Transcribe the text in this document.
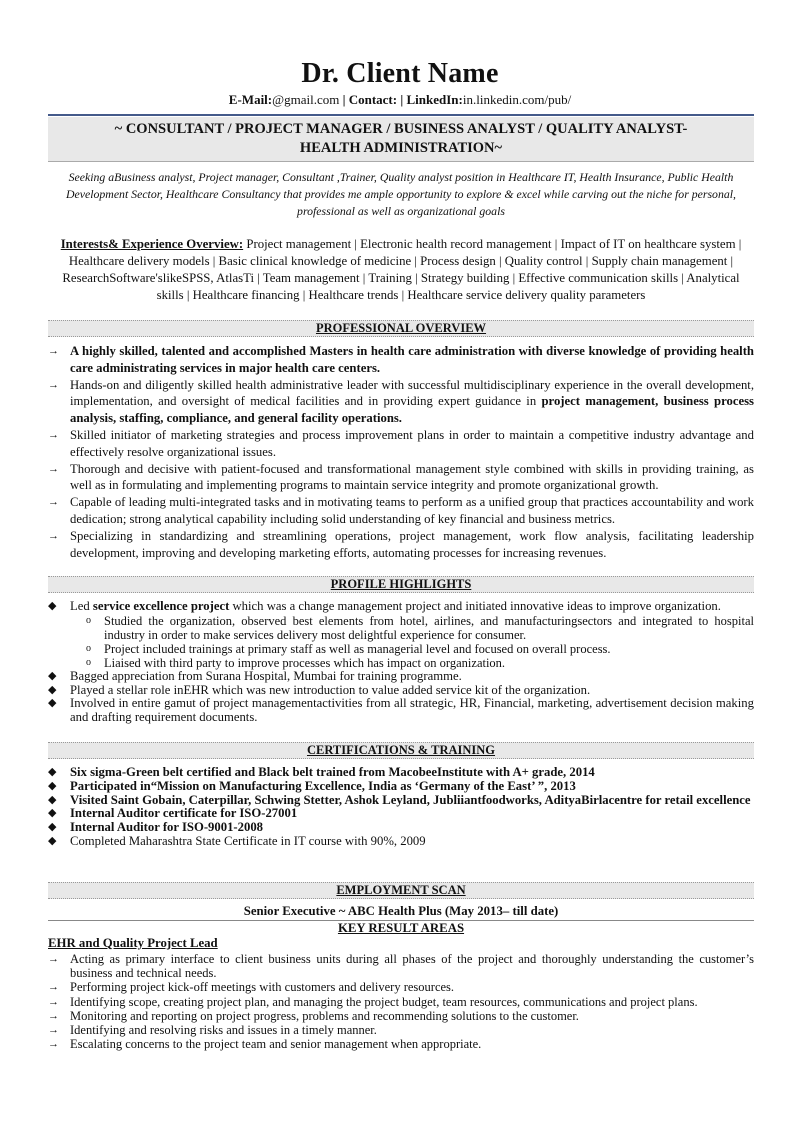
Dr. Client Name
E-Mail:@gmail.com | Contact: | LinkedIn:in.linkedin.com/pub/
~ CONSULTANT / PROJECT MANAGER / BUSINESS ANALYST / QUALITY ANALYST-
HEALTH ADMINISTRATION~
Seeking aBusiness analyst, Project manager, Consultant ,Trainer, Quality analyst position in Healthcare IT, Health Insurance, Public Health Development Sector, Healthcare Consultancy that provides me ample opportunity to explore & excel while carving out the niche for personal, professional as well as organizational goals
Interests& Experience Overview: Project management | Electronic health record management | Impact of IT on healthcare system | Healthcare delivery models | Basic clinical knowledge of medicine | Process design | Quality control | Supply chain management | ResearchSoftware'slikeSPSS, AtlasTi | Team management | Training | Strategy building | Effective communication skills | Analytical skills | Healthcare financing | Healthcare trends | Healthcare service delivery quality parameters
PROFESSIONAL OVERVIEW
→ A highly skilled, talented and accomplished Masters in health care administration with diverse knowledge of providing health care administrating services in major health care centers.
→ Hands-on and diligently skilled health administrative leader with successful multidisciplinary experience in the overall development, implementation, and oversight of medical facilities and in providing expert guidance in project management, business process analysis, staffing, compliance, and general facility operations.
→ Skilled initiator of marketing strategies and process improvement plans in order to maintain a competitive industry advantage and effectively resolve organizational issues.
→ Thorough and decisive with patient-focused and transformational management style combined with skills in providing training, as well as in formulating and implementing programs to maintain service integrity and promote organizational growth.
→ Capable of leading multi-integrated tasks and in motivating teams to perform as a unified group that practices accountability and work dedication; strong analytical capability including solid understanding of key financial and business metrics.
→ Specializing in standardizing and streamlining operations, project management, work flow analysis, facilitating leadership development, improving and developing marketing efforts, automating processes for increasing revenues.
PROFILE HIGHLIGHTS
◆ Led service excellence project which was a change management project and initiated innovative ideas to improve organization.
o Studied the organization, observed best elements from hotel, airlines, and manufacturingsectors and integrated to hospital industry in order to make services delivery most delightful experience for consumer.
o Project included trainings at primary staff as well as managerial level and focused on overall process.
o Liaised with third party to improve processes which has impact on organization.
◆ Bagged appreciation from Surana Hospital, Mumbai for training programme.
◆ Played a stellar role inEHR which was new introduction to value added service kit of the organization.
◆ Involved in entire gamut of project managementactivities from all strategic, HR, Financial, marketing, advertisement decision making and drafting requirement documents.
CERTIFICATIONS & TRAINING
◆ Six sigma-Green belt certified and Black belt trained from MacobeeInstitute with A+ grade, 2014
◆ Participated in“Mission on Manufacturing Excellence, India as ‘Germany of the East’ ”, 2013
◆ Visited Saint Gobain, Caterpillar, Schwing Stetter, Ashok Leyland, Jubliiantfoodworks, AdityaBirlacentre for retail excellence
◆ Internal Auditor certificate for ISO-27001
◆ Internal Auditor for ISO-9001-2008
◆ Completed Maharashtra State Certificate in IT course with 90%, 2009
EMPLOYMENT SCAN
Senior Executive ~ ABC Health Plus (May 2013– till date)
KEY RESULT AREAS
EHR and Quality Project Lead
→ Acting as primary interface to client business units during all phases of the project and thoroughly understanding the customer’s business and technical needs.
→ Performing project kick-off meetings with customers and delivery resources.
→ Identifying scope, creating project plan, and managing the project budget, team resources, communications and project plans.
→ Monitoring and reporting on project progress, problems and recommending solutions to the customer.
→ Identifying and resolving risks and issues in a timely manner.
→ Escalating concerns to the project team and senior management when appropriate.
